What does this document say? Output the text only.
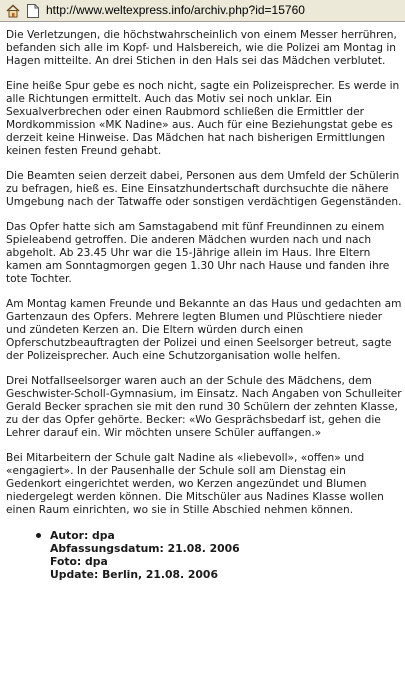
http://www.weltexpress.info/archiv.php?id=15760

Die Verletzungen, die höchstwahrscheinlich von einem Messer herrühren, befanden sich alle im Kopf- und Halsbereich, wie die Polizei am Montag in Hagen mitteilte. An drei Stichen in den Hals sei das Mädchen verblutet.

Eine heiße Spur gebe es noch nicht, sagte ein Polizeisprecher. Es werde in alle Richtungen ermittelt. Auch das Motiv sei noch unklar. Ein Sexualverbrechen oder einen Raubmord schließen die Ermittler der Mordkommission «MK Nadine» aus. Auch für eine Beziehungstat gebe es derzeit keine Hinweise. Das Mädchen hat nach bisherigen Ermittlungen keinen festen Freund gehabt.

Die Beamten seien derzeit dabei, Personen aus dem Umfeld der Schülerin zu befragen, hieß es. Eine Einsatzhundertschaft durchsuchte die nähere Umgebung nach der Tatwaffe oder sonstigen verdächtigen Gegenständen.

Das Opfer hatte sich am Samstagabend mit fünf Freundinnen zu einem Spieleabend getroffen. Die anderen Mädchen wurden nach und nach abgeholt. Ab 23.45 Uhr war die 15-Jährige allein im Haus. Ihre Eltern kamen am Sonntagmorgen gegen 1.30 Uhr nach Hause und fanden ihre tote Tochter.

Am Montag kamen Freunde und Bekannte an das Haus und gedachten am Gartenzaun des Opfers. Mehrere legten Blumen und Plüschtiere nieder und zündeten Kerzen an. Die Eltern würden durch einen Opferschutzbeauftragten der Polizei und einen Seelsorger betreut, sagte der Polizeisprecher. Auch eine Schutzorganisation wolle helfen.

Drei Notfallseelsorger waren auch an der Schule des Mädchens, dem Geschwister-Scholl-Gymnasium, im Einsatz. Nach Angaben von Schulleiter Gerald Becker sprachen sie mit den rund 30 Schülern der zehnten Klasse, zu der das Opfer gehörte. Becker: «Wo Gesprächsbedarf ist, gehen die Lehrer darauf ein. Wir möchten unsere Schüler auffangen.»

Bei Mitarbeitern der Schule galt Nadine als «liebevoll», «offen» und «engagiert». In der Pausenhalle der Schule soll am Dienstag ein Gedenkort eingerichtet werden, wo Kerzen angezündet und Blumen niedergelegt werden können. Die Mitschüler aus Nadines Klasse wollen einen Raum einrichten, wo sie in Stille Abschied nehmen können.

Autor: dpa
Abfassungsdatum: 21.08. 2006
Foto: dpa
Update: Berlin, 21.08. 2006
